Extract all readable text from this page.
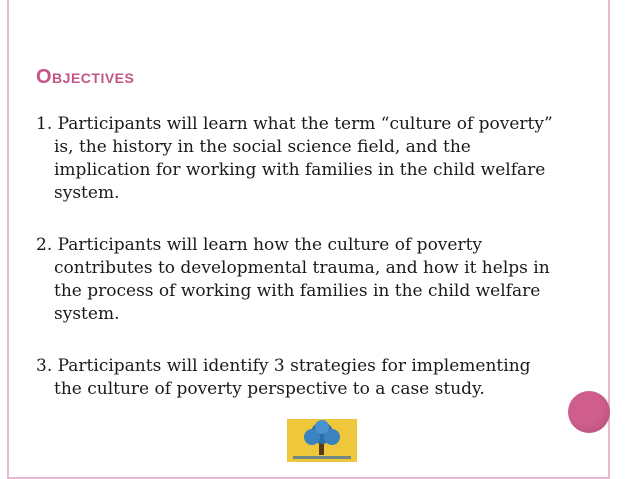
Objectives

1. Participants will learn what the term “culture of poverty” is, the history in the social science field, and the implication for working with families in the child welfare system.

2. Participants will learn how the culture of poverty contributes to developmental trauma, and how it helps in the process of working with families in the child welfare system.

3. Participants will identify 3 strategies for implementing the culture of poverty perspective to a case study.
